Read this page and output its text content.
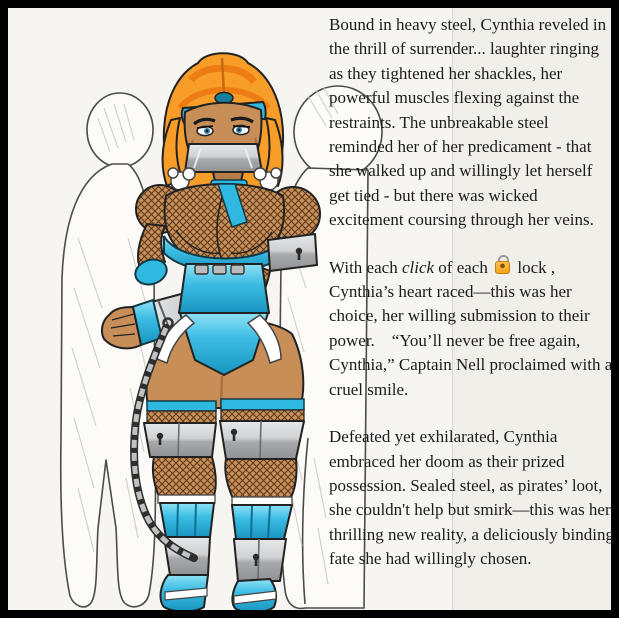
Bound in heavy steel, Cynthia reveled in the thrill of surrender... laughter ringing as they tightened her shackles, her powerful muscles flexing against the restraints. The unbreakable steel reminded her of her predicament - that she walked up and willingly let herself get tied - but there was wicked excitement coursing through her veins.

With each click of each  lock , Cynthia’s heart raced—this was her choice, her willing submission to their power. “You’ll never be free again, Cynthia,” Captain Nell proclaimed with a cruel smile.

Defeated yet exhilarated, Cynthia embraced her doom as their prized possession. Sealed steel, as pirates’ loot, she couldn't help but smirk—this was her thrilling new reality, a deliciously binding fate she had willingly chosen.
